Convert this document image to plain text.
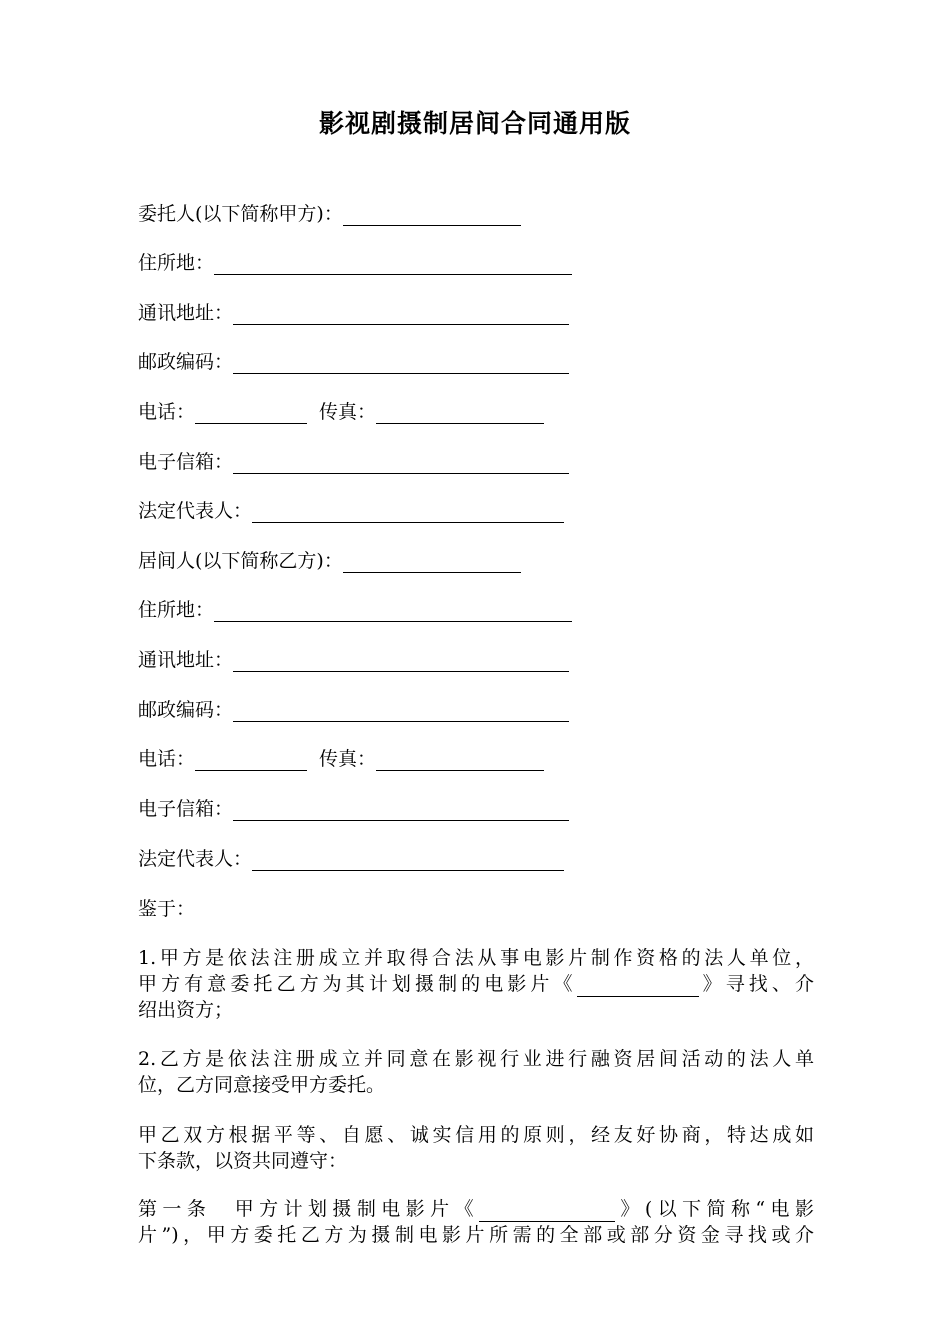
影视剧摄制居间合同通用版
委托人(以下简称甲方)：
住所地：
通讯地址：
邮政编码：
电话：	传真：
电子信箱：
法定代表人：
居间人(以下简称乙方)：
住所地：
通讯地址：
邮政编码：
电话：	传真：
电子信箱：
法定代表人：
鉴于：
1.甲方是依法注册成立并取得合法从事电影片制作资格的法人单位，
甲方有意委托乙方为其计划摄制的电影片《	》寻找、介
绍出资方；
2.乙方是依法注册成立并同意在影视行业进行融资居间活动的法人单
位，乙方同意接受甲方委托。
甲乙双方根据平等、自愿、诚实信用的原则，经友好协商，特达成如
下条款，以资共同遵守：
第一条 甲方计划摄制电影片《	》(以下简称“电影
片”)，甲方委托乙方为摄制电影片所需的全部或部分资金寻找或介
